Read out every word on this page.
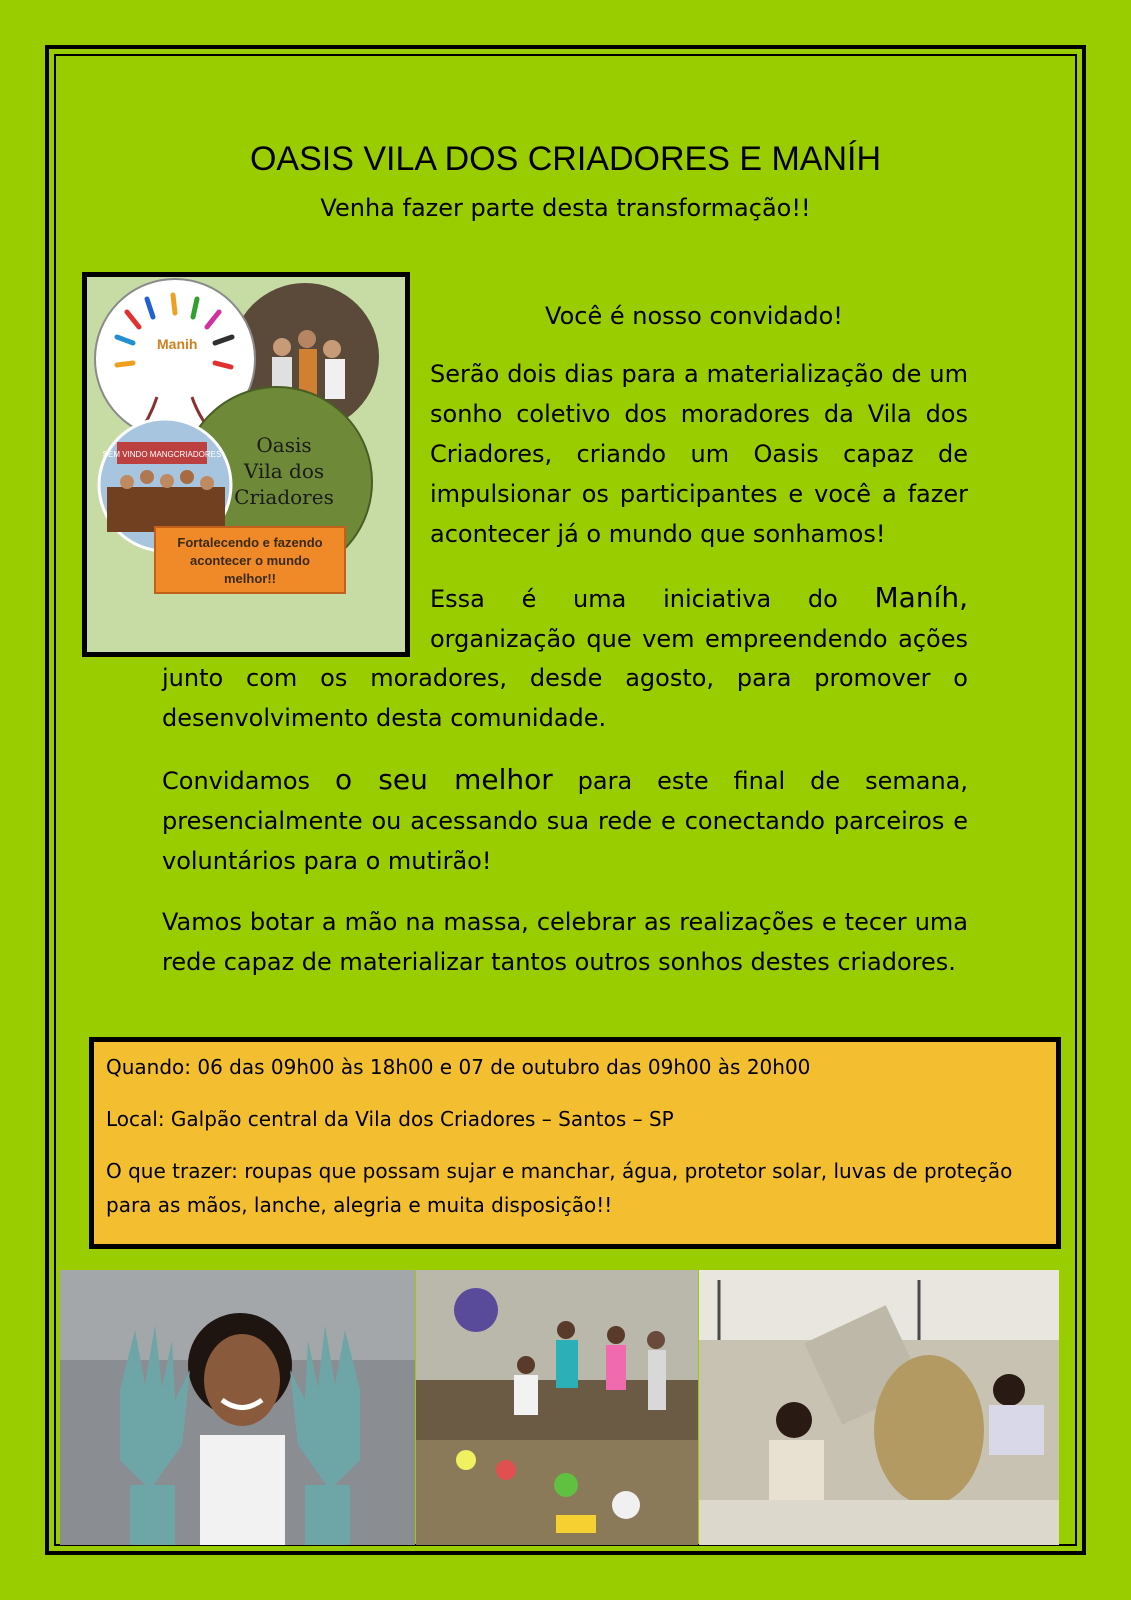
OASIS VILA DOS CRIADORES E MANÍH
Venha fazer parte desta transformação!!
Manih
Oasis
Vila dos
Criadores
SEM VINDO MANGCRIADORES
Fortalecendo e fazendo
acontecer o mundo
melhor!!
Você é nosso convidado!
Serão dois dias para a materialização de um sonho coletivo dos moradores da Vila dos Criadores, criando um Oasis capaz de impulsionar os participantes e você a fazer acontecer já o mundo que sonhamos!
Essa é uma iniciativa do Maníh, organização que vem empreendendo ações
junto com os moradores, desde agosto, para promover o desenvolvimento desta comunidade.
Convidamos o seu melhor para este final de semana, presencialmente ou acessando sua rede e conectando parceiros e voluntários para o mutirão!
Vamos botar a mão na massa, celebrar as realizações e tecer uma rede capaz de materializar tantos outros sonhos destes criadores.

Quando: 06 das 09h00 às 18h00 e 07 de outubro das 09h00 às 20h00

Local: Galpão central da Vila dos Criadores – Santos – SP

O que trazer: roupas que possam sujar e manchar, água, protetor solar, luvas de proteção para as mãos, lanche, alegria e muita disposição!!
